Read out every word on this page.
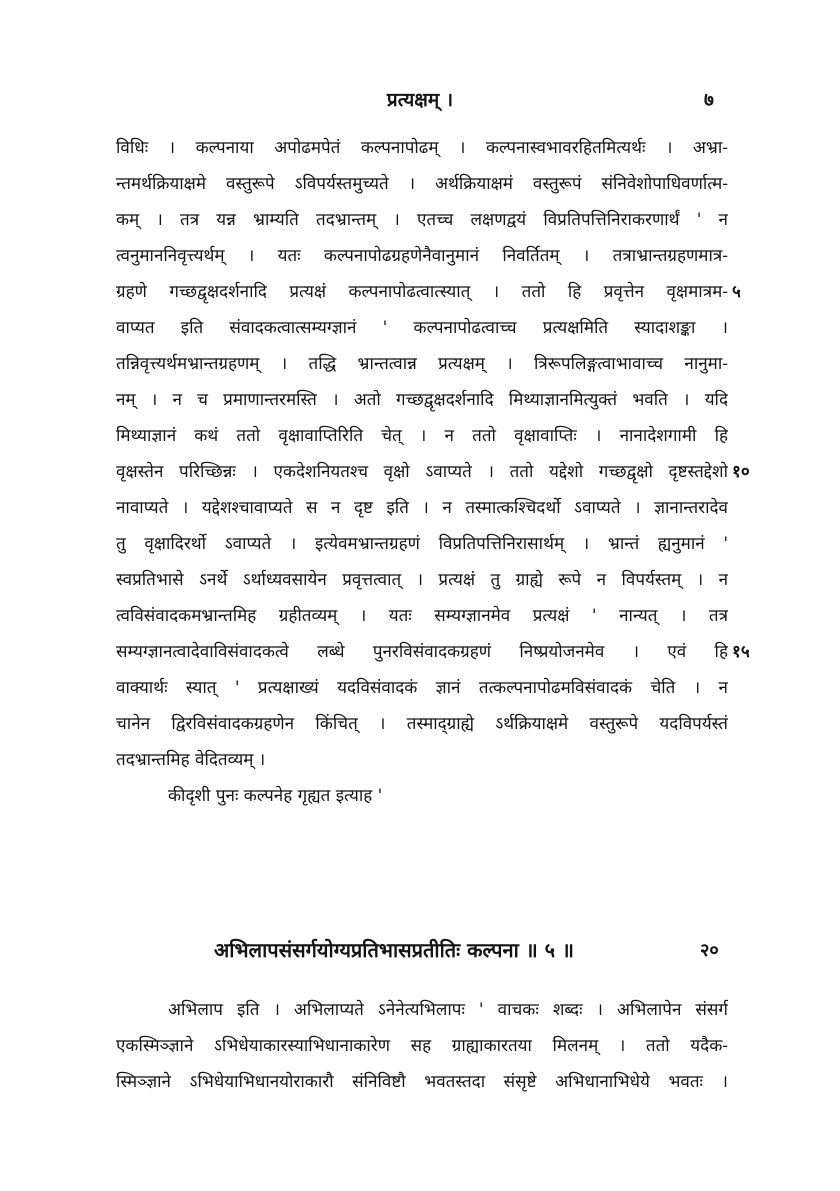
प्रत्यक्षम् ।	७
विधिः । कल्पनाया अपोढमपेतं कल्पनापोढम् । कल्पनास्वभावरहितमित्यर्थः । अभ्रा-
न्तमर्थक्रियाक्षमे वस्तुरूपे ऽविपर्यस्तमुच्यते । अर्थक्रियाक्षमं वस्तुरूपं संनिवेशोपाधिवर्णात्म-
कम् । तत्र यन्न भ्राम्यति तदभ्रान्तम् । एतच्च लक्षणद्वयं विप्रतिपत्तिनिराकरणार्थं ' न
त्वनुमाननिवृत्त्यर्थम् । यतः कल्पनापोढग्रहणेनैवानुमानं निवर्तितम् । तत्राभ्रान्तग्रहणमात्र-
ग्रहणे गच्छद्वृक्षदर्शनादि प्रत्यक्षं कल्पनापोढत्वात्स्यात् । ततो हि प्रवृत्तेन वृक्षमात्रम- ५
वाप्यत इति संवादकत्वात्सम्यग्ज्ञानं ' कल्पनापोढत्वाच्च प्रत्यक्षमिति स्यादाशङ्का ।
तन्निवृत्त्यर्थमभ्रान्तग्रहणम् । तद्धि भ्रान्तत्वान्न प्रत्यक्षम् । त्रिरूपलिङ्गत्वाभावाच्च नानुमा-
नम् । न च प्रमाणान्तरमस्ति । अतो गच्छद्वृक्षदर्शनादि मिथ्याज्ञानमित्युक्तं भवति । यदि
मिथ्याज्ञानं कथं ततो वृक्षावाप्तिरिति चेत् । न ततो वृक्षावाप्तिः । नानादेशगामी हि
वृक्षस्तेन परिच्छिन्नः । एकदेशनियतश्च वृक्षो ऽवाप्यते । ततो यद्देशो गच्छद्वृक्षो दृष्टस्तद्देशो १०
नावाप्यते । यद्देशश्चावाप्यते स न दृष्ट इति । न तस्मात्कश्चिदर्थो ऽवाप्यते । ज्ञानान्तरादेव
तु वृक्षादिरर्थो ऽवाप्यते । इत्येवमभ्रान्तग्रहणं विप्रतिपत्तिनिरासार्थम् । भ्रान्तं ह्यनुमानं '
स्वप्रतिभासे ऽनर्थे ऽर्थाध्यवसायेन प्रवृत्तत्वात् । प्रत्यक्षं तु ग्राह्ये रूपे न विपर्यस्तम् । न
त्वविसंवादकमभ्रान्तमिह ग्रहीतव्यम् । यतः सम्यग्ज्ञानमेव प्रत्यक्षं ' नान्यत् । तत्र
सम्यग्ज्ञानत्वादेवाविसंवादकत्वे लब्धे पुनरविसंवादकग्रहणं निष्प्रयोजनमेव । एवं हि १५
वाक्यार्थः स्यात् ' प्रत्यक्षाख्यं यदविसंवादकं ज्ञानं तत्कल्पनापोढमविसंवादकं चेति । न
चानेन द्विरविसंवादकग्रहणेन किंचित् । तस्माद्ग्राह्ये ऽर्थक्रियाक्षमे वस्तुरूपे यदविपर्यस्तं
तदभ्रान्तमिह वेदितव्यम् ।
कीदृशी पुनः कल्पनेह गृह्यत इत्याह '
अभिलापसंसर्गयोग्यप्रतिभासप्रतीतिः कल्पना ॥ ५ ॥	२०
अभिलाप इति । अभिलाप्यते ऽनेनेत्यभिलापः ' वाचकः शब्दः । अभिलापेन संसर्ग
एकस्मिञ्ज्ञाने ऽभिधेयाकारस्याभिधानाकारेण सह ग्राह्याकारतया मिलनम् । ततो यदैक-
स्मिञ्ज्ञाने ऽभिधेयाभिधानयोराकारौ संनिविष्टौ भवतस्तदा संसृष्टे अभिधानाभिधेये भवतः ।
